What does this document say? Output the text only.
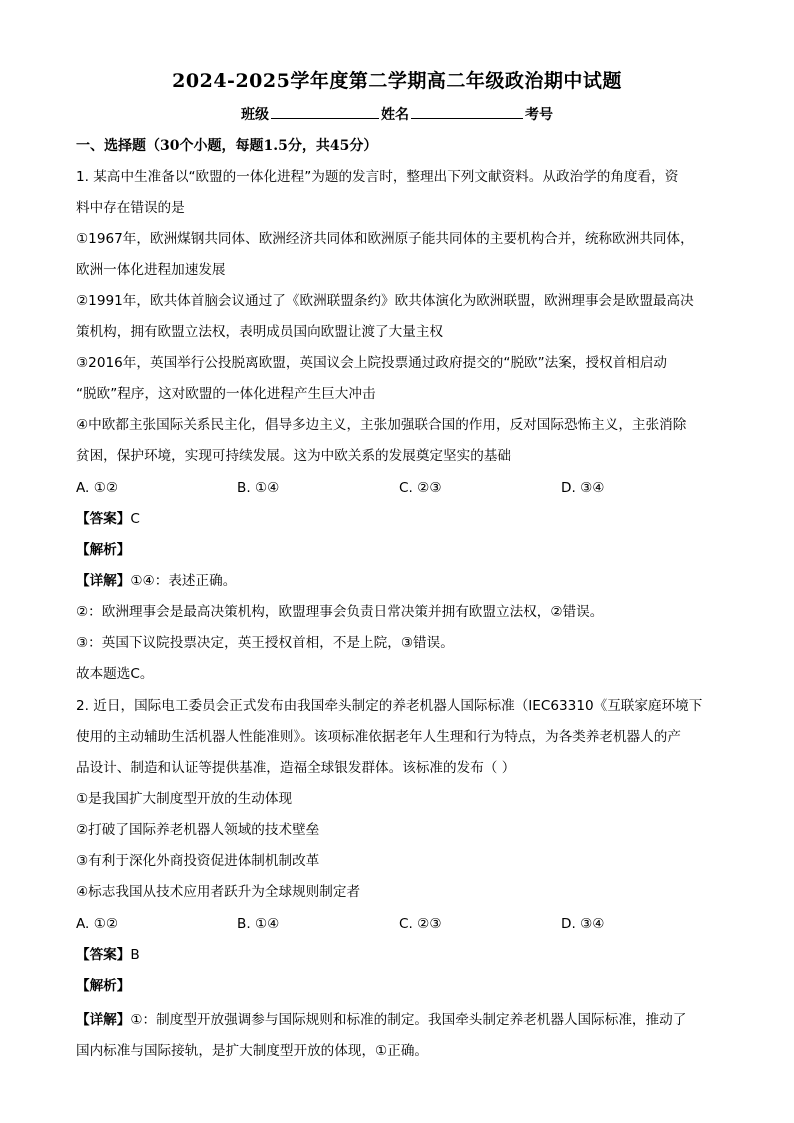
2024-2025学年度第二学期高二年级政治期中试题
班级	姓名	考号
一、选择题（30个小题，每题1.5分，共45分）
1. 某高中生准备以“欧盟的一体化进程”为题的发言时，整理出下列文献资料。从政治学的角度看，资
料中存在错误的是
①1967年，欧洲煤钢共同体、欧洲经济共同体和欧洲原子能共同体的主要机构合并，统称欧洲共同体，
欧洲一体化进程加速发展
②1991年，欧共体首脑会议通过了《欧洲联盟条约》欧共体演化为欧洲联盟，欧洲理事会是欧盟最高决
策机构，拥有欧盟立法权，表明成员国向欧盟让渡了大量主权
③2016年，英国举行公投脱离欧盟，英国议会上院投票通过政府提交的“脱欧”法案，授权首相启动
“脱欧”程序，这对欧盟的一体化进程产生巨大冲击
④中欧都主张国际关系民主化，倡导多边主义，主张加强联合国的作用，反对国际恐怖主义，主张消除
贫困，保护环境，实现可持续发展。这为中欧关系的发展奠定坚实的基础
A. ①②	B. ①④	C. ②③	D. ③④
【答案】C
【解析】
【详解】①④：表述正确。
②：欧洲理事会是最高决策机构，欧盟理事会负责日常决策并拥有欧盟立法权，②错误。
③：英国下议院投票决定，英王授权首相，不是上院，③错误。
故本题选C。
2. 近日，国际电工委员会正式发布由我国牵头制定的养老机器人国际标准（IEC63310《互联家庭环境下
使用的主动辅助生活机器人性能准则》。该项标准依据老年人生理和行为特点，为各类养老机器人的产
品设计、制造和认证等提供基准，造福全球银发群体。该标准的发布（ ）
①是我国扩大制度型开放的生动体现
②打破了国际养老机器人领域的技术壁垒
③有利于深化外商投资促进体制机制改革
④标志我国从技术应用者跃升为全球规则制定者
A. ①②	B. ①④	C. ②③	D. ③④
【答案】B
【解析】
【详解】①：制度型开放强调参与国际规则和标准的制定。我国牵头制定养老机器人国际标准，推动了
国内标准与国际接轨，是扩大制度型开放的体现，①正确。
